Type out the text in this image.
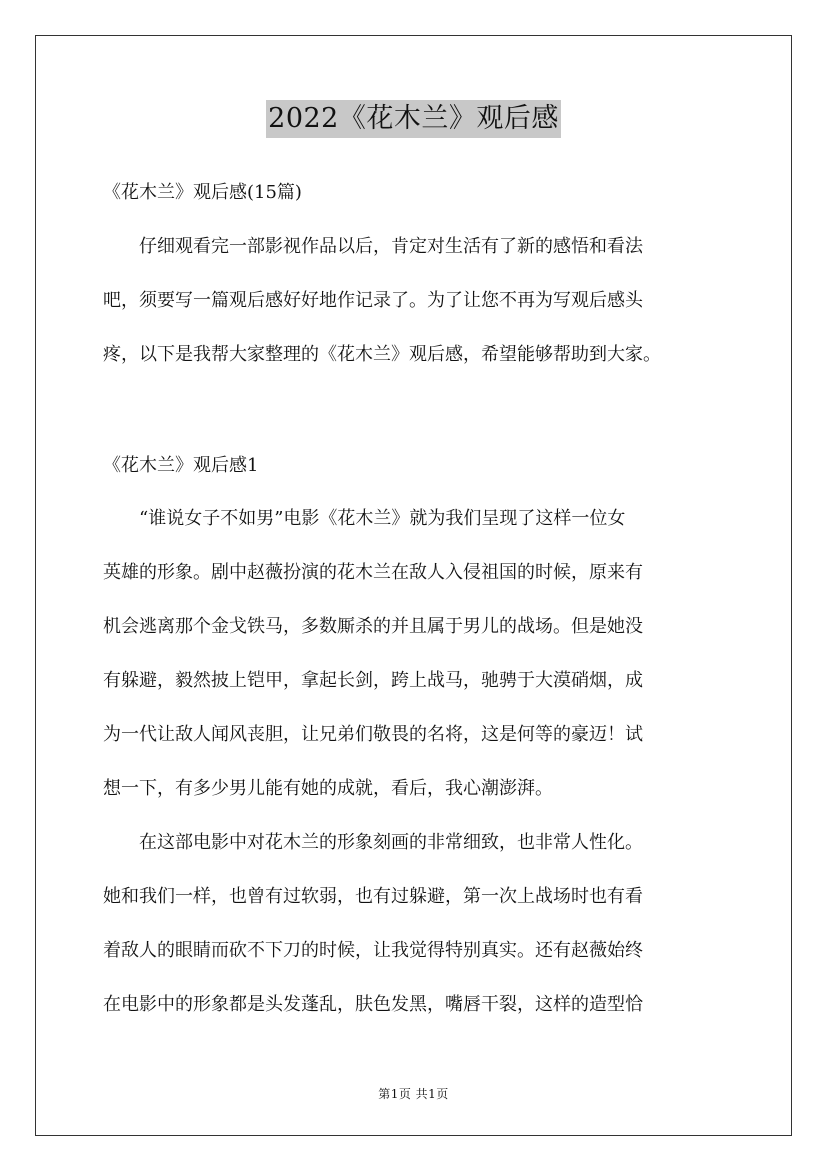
2022《花木兰》观后感
《花木兰》观后感(15篇)
仔细观看完一部影视作品以后，肯定对生活有了新的感悟和看法
吧，须要写一篇观后感好好地作记录了。为了让您不再为写观后感头
疼，以下是我帮大家整理的《花木兰》观后感，希望能够帮助到大家。
《花木兰》观后感1
“谁说女子不如男”电影《花木兰》就为我们呈现了这样一位女
英雄的形象。剧中赵薇扮演的花木兰在敌人入侵祖国的时候，原来有
机会逃离那个金戈铁马，多数厮杀的并且属于男儿的战场。但是她没
有躲避，毅然披上铠甲，拿起长剑，跨上战马，驰骋于大漠硝烟，成
为一代让敌人闻风丧胆，让兄弟们敬畏的名将，这是何等的豪迈！试
想一下，有多少男儿能有她的成就，看后，我心潮澎湃。
在这部电影中对花木兰的形象刻画的非常细致，也非常人性化。
她和我们一样，也曾有过软弱，也有过躲避，第一次上战场时也有看
着敌人的眼睛而砍不下刀的时候，让我觉得特别真实。还有赵薇始终
在电影中的形象都是头发蓬乱，肤色发黑，嘴唇干裂，这样的造型恰
第1页 共1页
